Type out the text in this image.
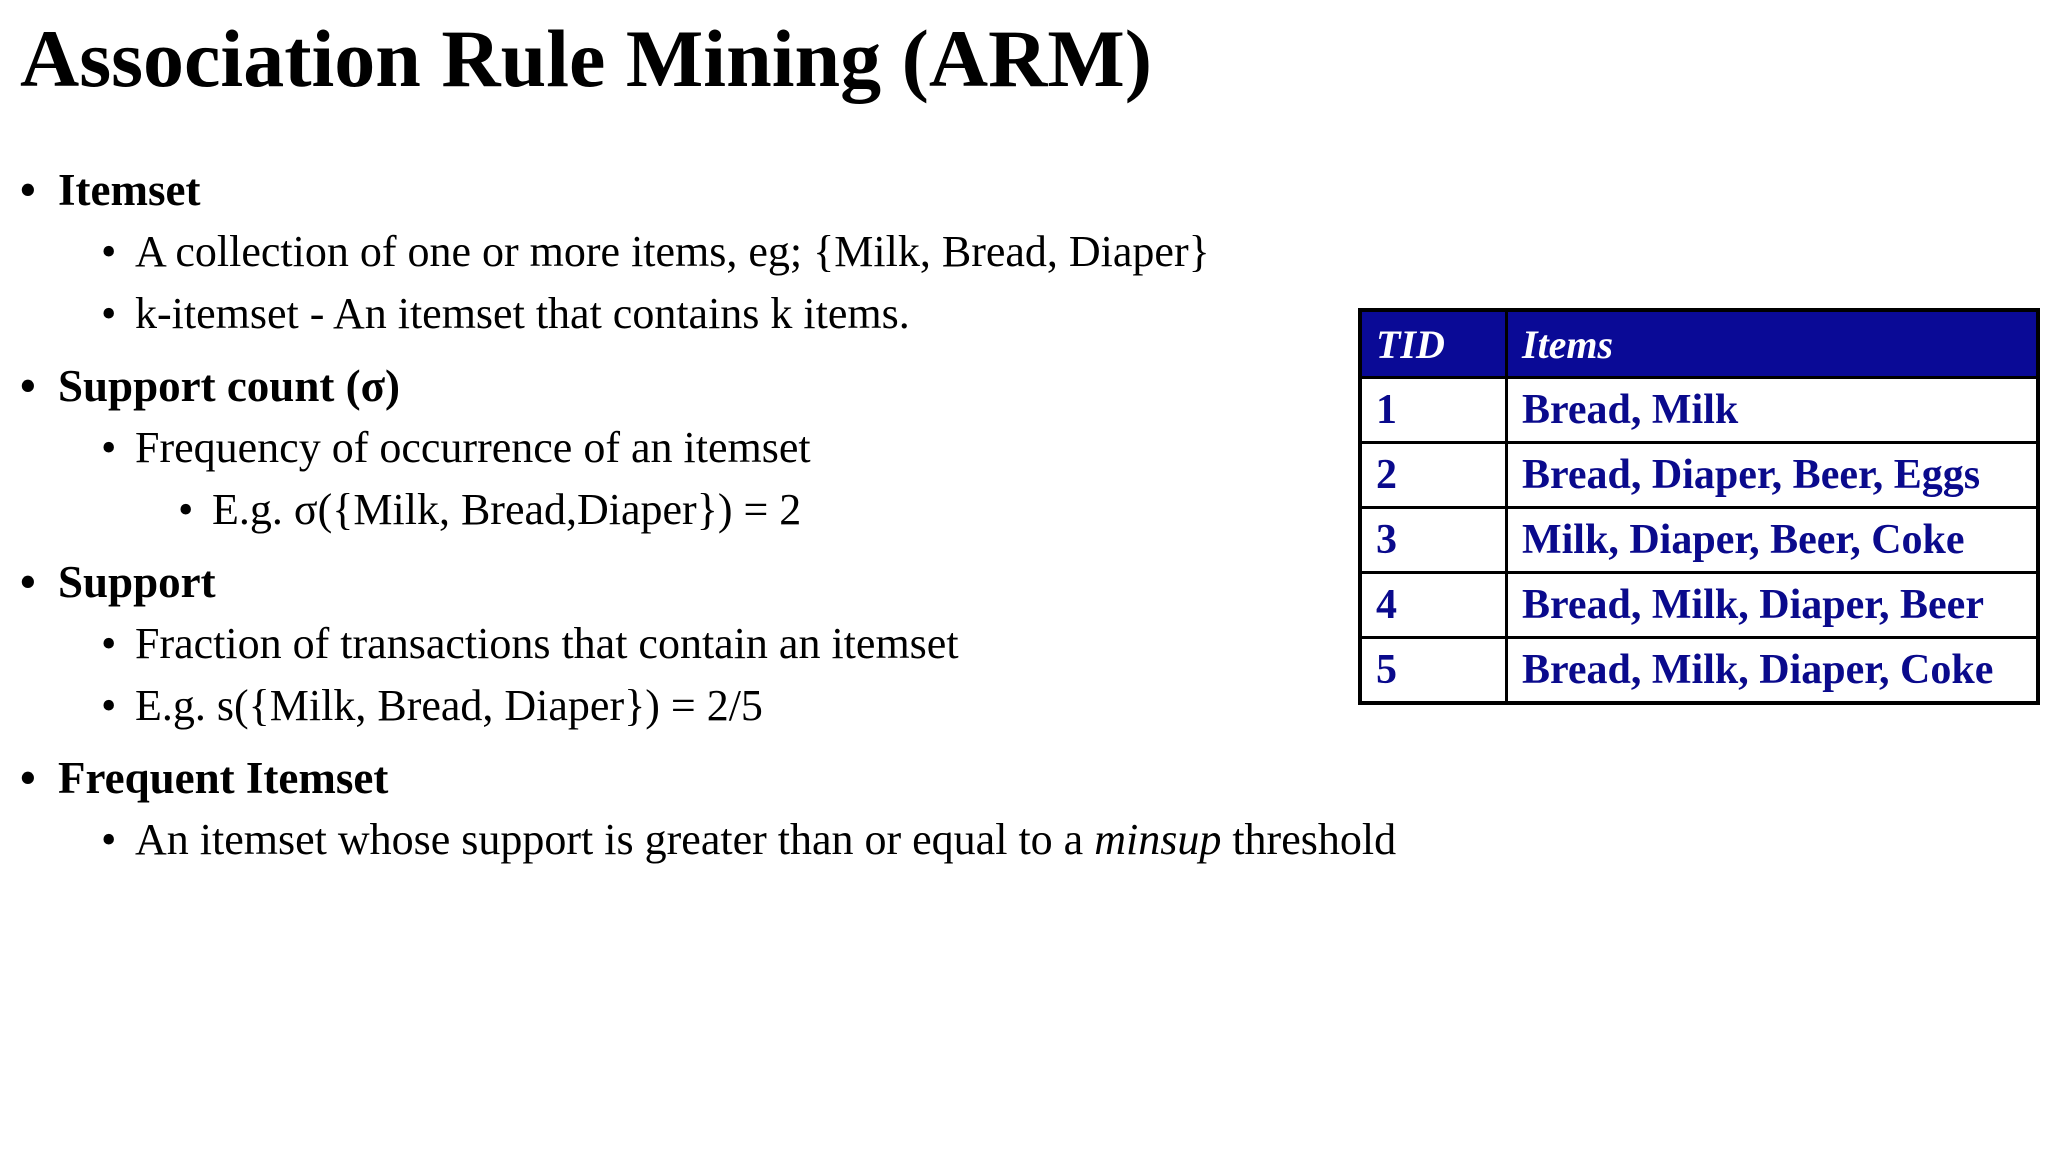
Association Rule Mining (ARM)
• Itemset
• A collection of one or more items, eg; {Milk, Bread, Diaper}
• k-itemset - An itemset that contains k items.
• Support count (σ)
• Frequency of occurrence of an itemset
• E.g. σ({Milk, Bread,Diaper}) = 2
• Support
• Fraction of transactions that contain an itemset
• E.g. s({Milk, Bread, Diaper}) = 2/5
• Frequent Itemset
• An itemset whose support is greater than or equal to a minsup threshold
TID	Items
1	Bread, Milk
2	Bread, Diaper, Beer, Eggs
3	Milk, Diaper, Beer, Coke
4	Bread, Milk, Diaper, Beer
5	Bread, Milk, Diaper, Coke
